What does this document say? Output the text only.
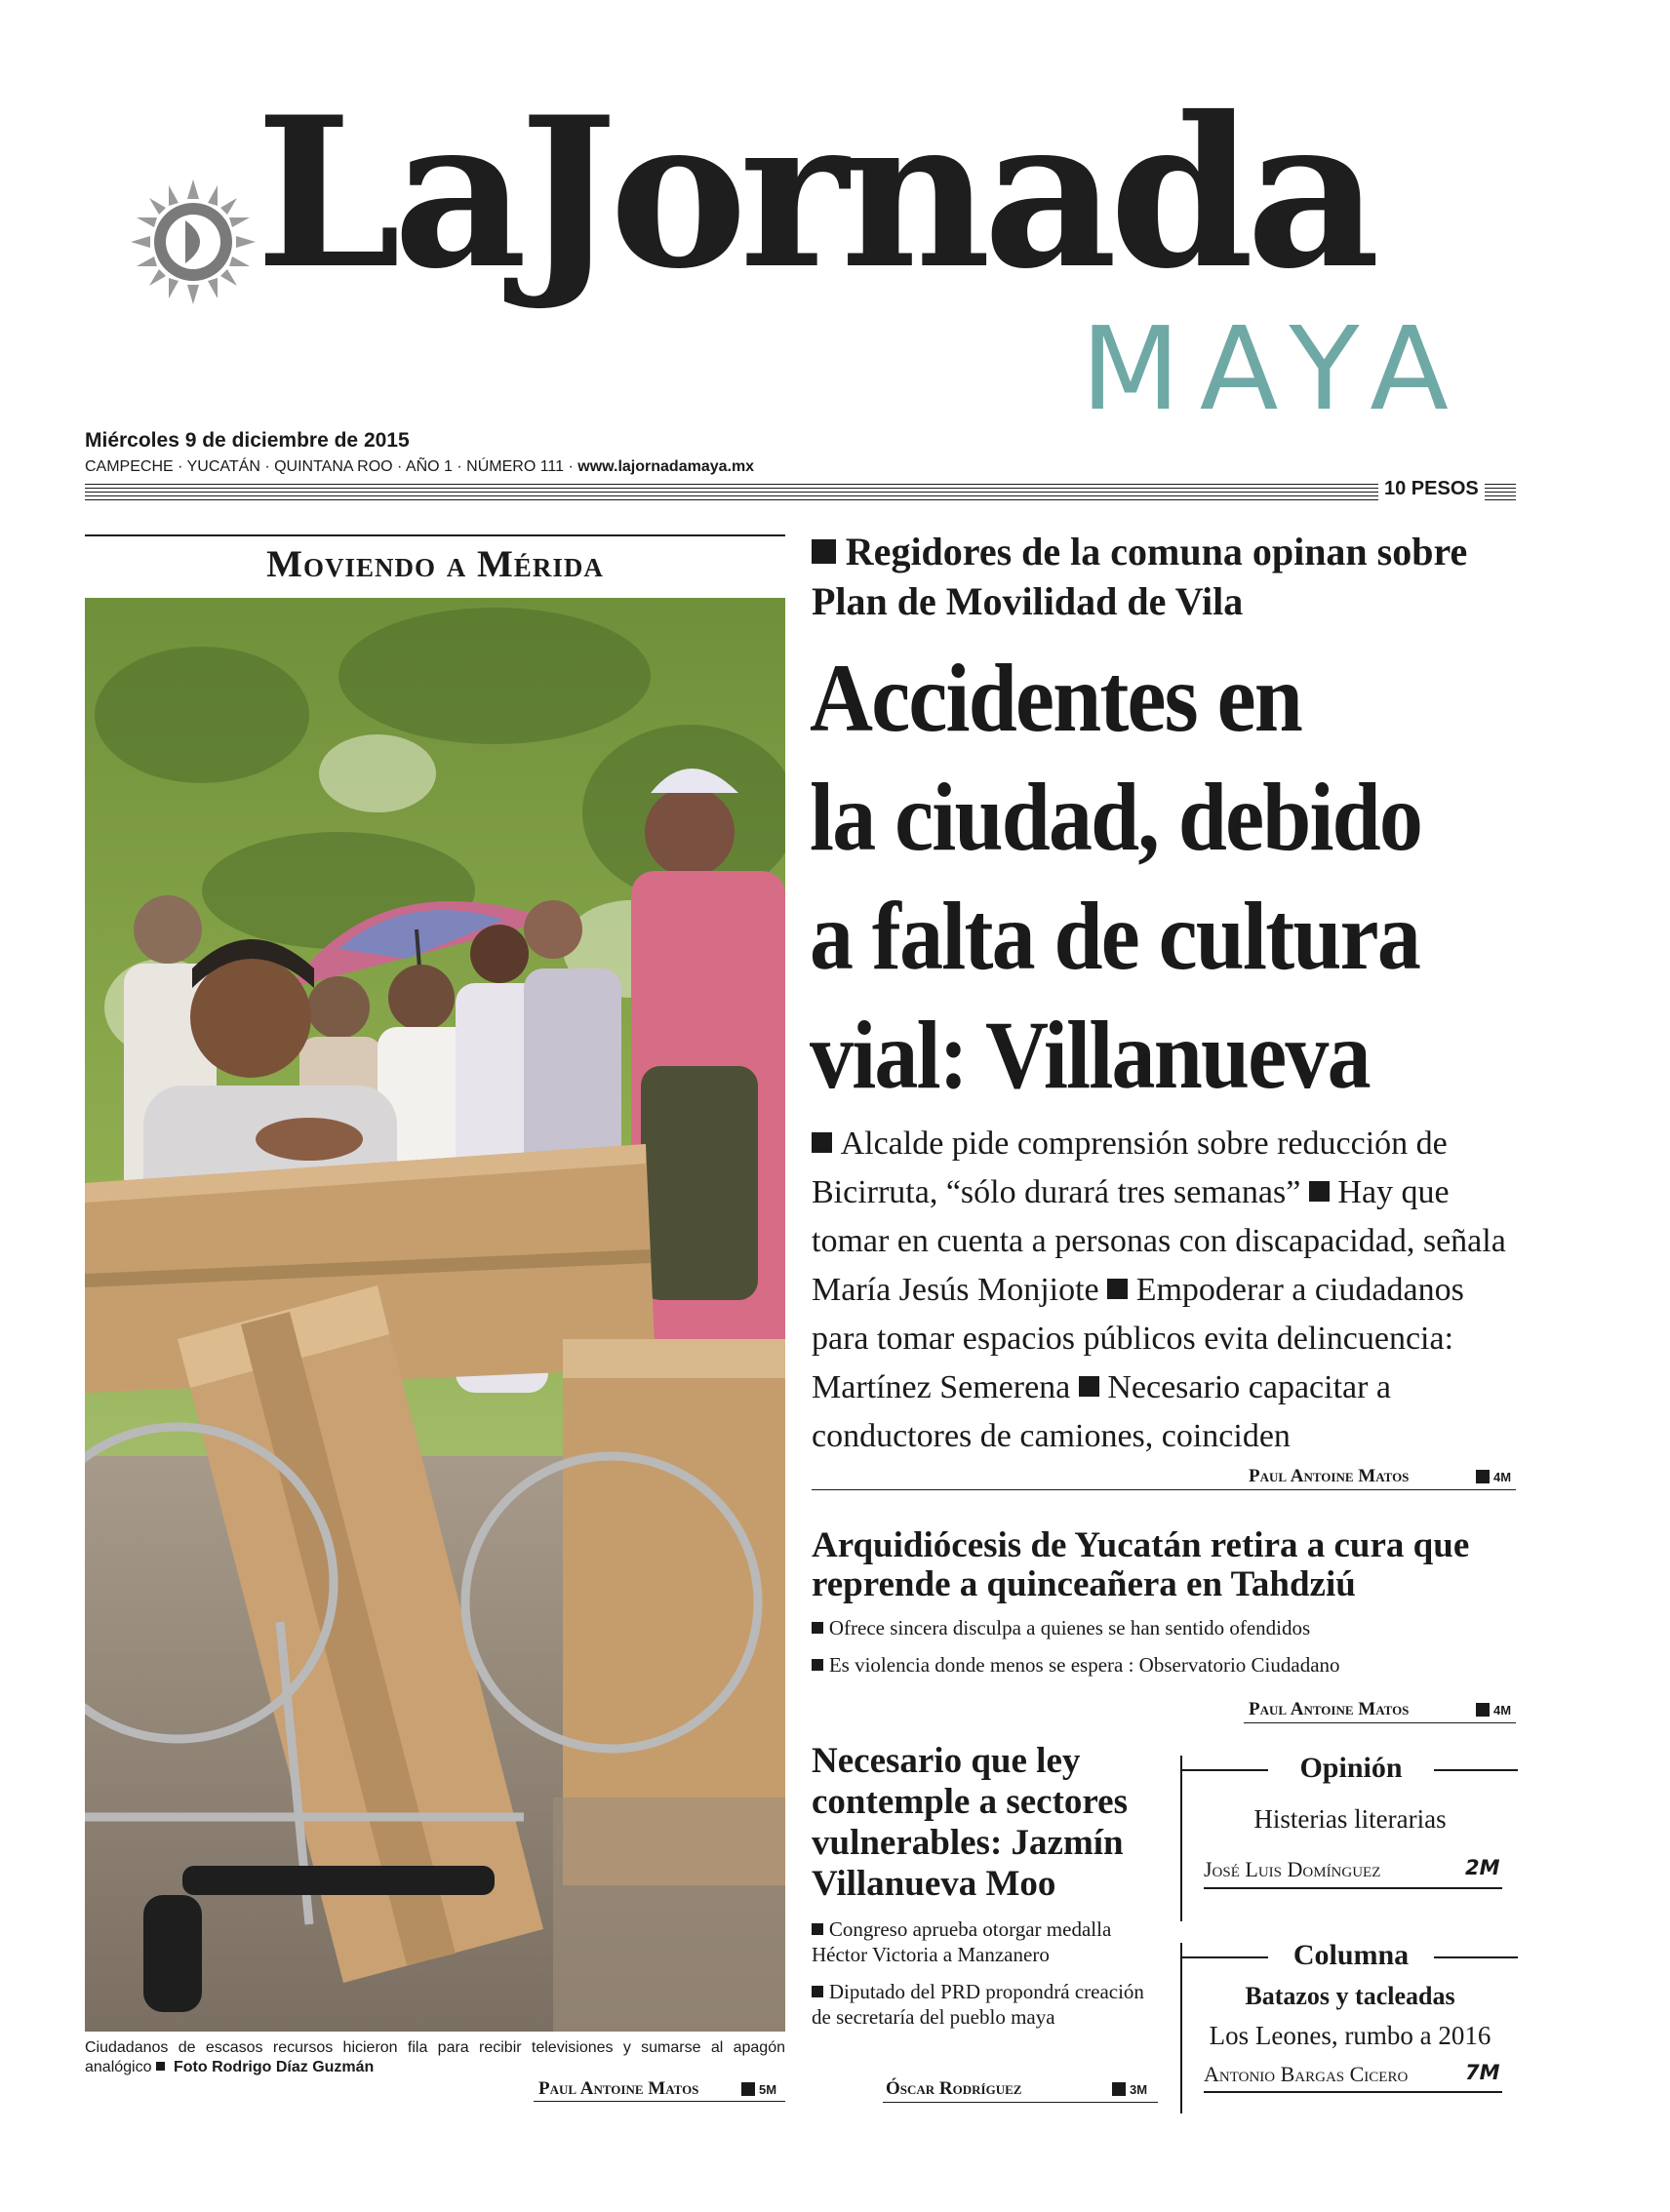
LaJornada
MAYA
Miércoles 9 de diciembre de 2015
CAMPECHE · YUCATÁN · QUINTANA ROO · AÑO 1 · NÚMERO 111 · www.lajornadamaya.mx
10 PESOS
Moviendo a Mérida
Ciudadanos de escasos recursos hicieron fila para recibir televisiones y sumarse al apagón analógico Foto Rodrigo Díaz Guzmán
Paul Antoine Matos	5M
Regidores de la comuna opinan sobre Plan de Movilidad de Vila
Accidentes en
la ciudad, debido
a falta de cultura
vial: Villanueva
Alcalde pide comprensión sobre reducción de Bicirruta, “sólo durará tres semanas” Hay que tomar en cuenta a personas con discapacidad, señala María Jesús Monjiote Empoderar a ciudadanos para tomar espacios públicos evita delincuencia: Martínez Semerena Necesario capacitar a conductores de camiones, coinciden
Paul Antoine Matos	4M
Arquidiócesis de Yucatán retira a cura que reprende a quinceañera en Tahdziú
Ofrece sincera disculpa a quienes se han sentido ofendidos
Es violencia donde menos se espera : Observatorio Ciudadano
Paul Antoine Matos	4M
Necesario que ley contemple a sectores vulnerables: Jazmín Villanueva Moo
Congreso aprueba otorgar medalla Héctor Victoria a Manzanero
Diputado del PRD propondrá creación de secretaría del pueblo maya
Óscar Rodríguez	3M
Opinión
Histerias literarias
José Luis Domínguez	2M
Columna
Batazos y tacleadas
Los Leones, rumbo a 2016
Antonio Bargas Cicero	7M
